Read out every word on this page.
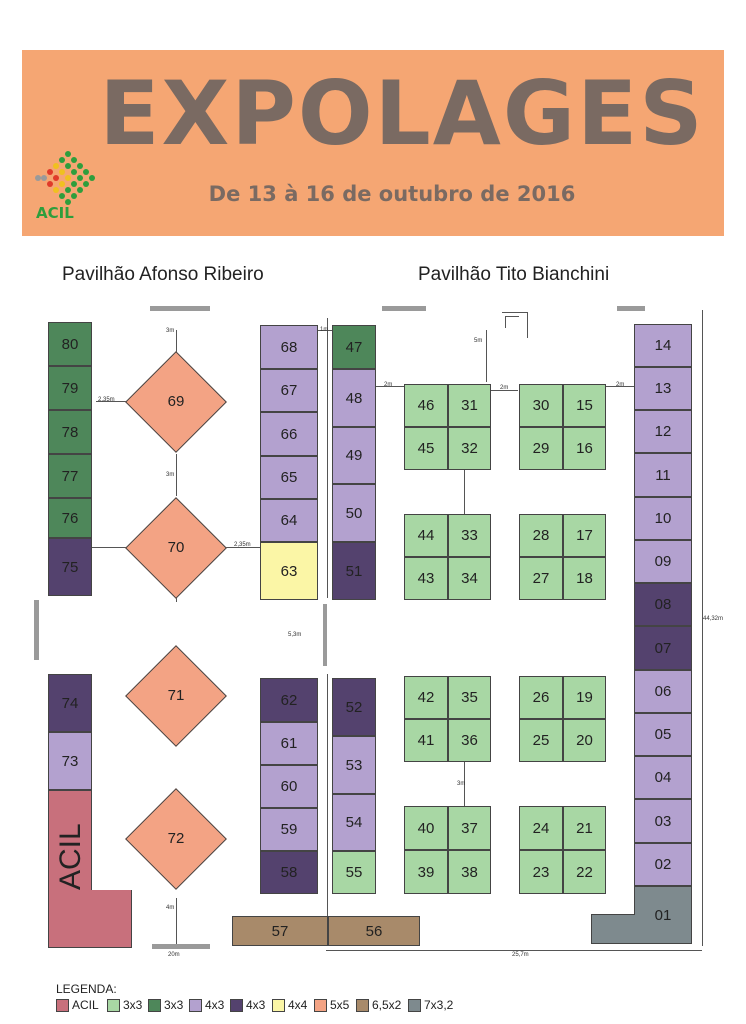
EXPOLAGES
De 13 à 16 de outubro de 2016
ACIL
Pavilhão Afonso Ribeiro	Pavilhão Tito Bianchini
3m
2,35m
3m
2,35m
1m
2m
5m
2m	2m
5,3m
3m
4m
20m	25,7m
44,32m
80
79
78
77
76
75
74
73
ACIL
69
70
71
72
68
67
66
65
64
63
62
61
60
59
58
47
48
49
50
51
52
53
54
55
57	56
46	31
45	32
44	33
43	34
42	35
41	36
40	37
39	38
30	15
29	16
28	17
27	18
26	19
25	20
24	21
23	22
14
13
12
11
10
09
08
07
06
05
04
03
02
01
LEGENDA:
ACIL 3x3 3x3 4x3 4x3 4x4 5x5 6,5x2 7x3,2
